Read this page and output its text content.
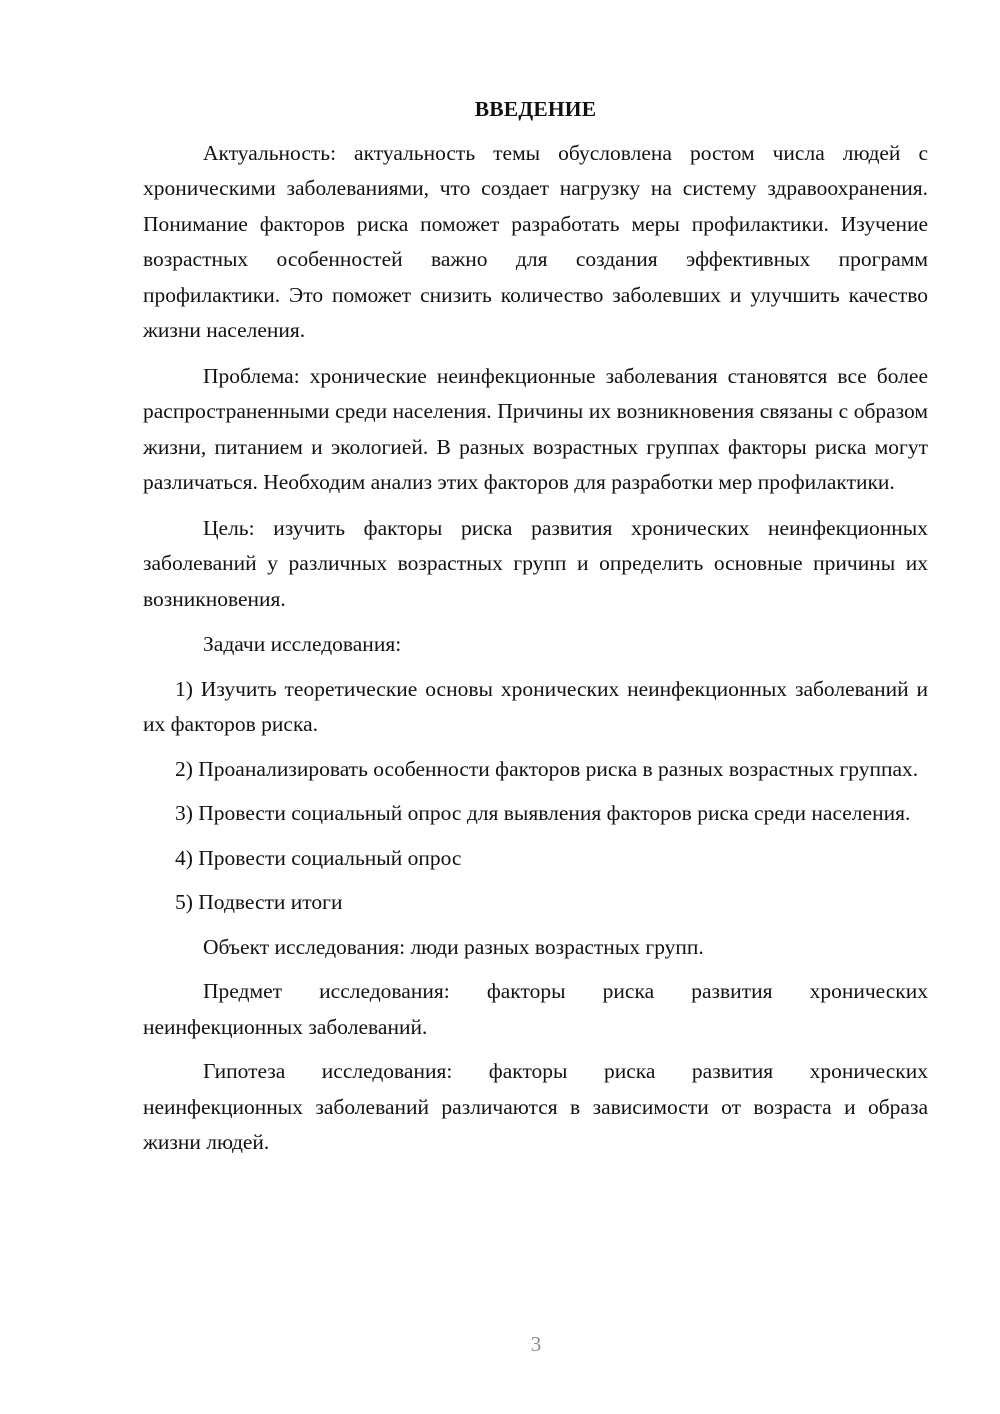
ВВЕДЕНИЕ

Актуальность: актуальность темы обусловлена ростом числа людей с хроническими заболеваниями, что создает нагрузку на систему здравоохранения. Понимание факторов риска поможет разработать меры профилактики. Изучение возрастных особенностей важно для создания эффективных программ профилактики. Это поможет снизить количество заболевших и улучшить качество жизни населения.

Проблема: хронические неинфекционные заболевания становятся все более распространенными среди населения. Причины их возникновения связаны с образом жизни, питанием и экологией. В разных возрастных группах факторы риска могут различаться. Необходим анализ этих факторов для разработки мер профилактики.

Цель: изучить факторы риска развития хронических неинфекционных заболеваний у различных возрастных групп и определить основные причины их возникновения.

Задачи исследования:

1) Изучить теоретические основы хронических неинфекционных заболеваний и их факторов риска.

2) Проанализировать особенности факторов риска в разных возрастных группах.

3) Провести социальный опрос для выявления факторов риска среди населения.

4) Провести социальный опрос

5) Подвести итоги

Объект исследования: люди разных возрастных групп.

Предмет исследования: факторы риска развития хронических неинфекционных заболеваний.

Гипотеза исследования: факторы риска развития хронических неинфекционных заболеваний различаются в зависимости от возраста и образа жизни людей.

3
